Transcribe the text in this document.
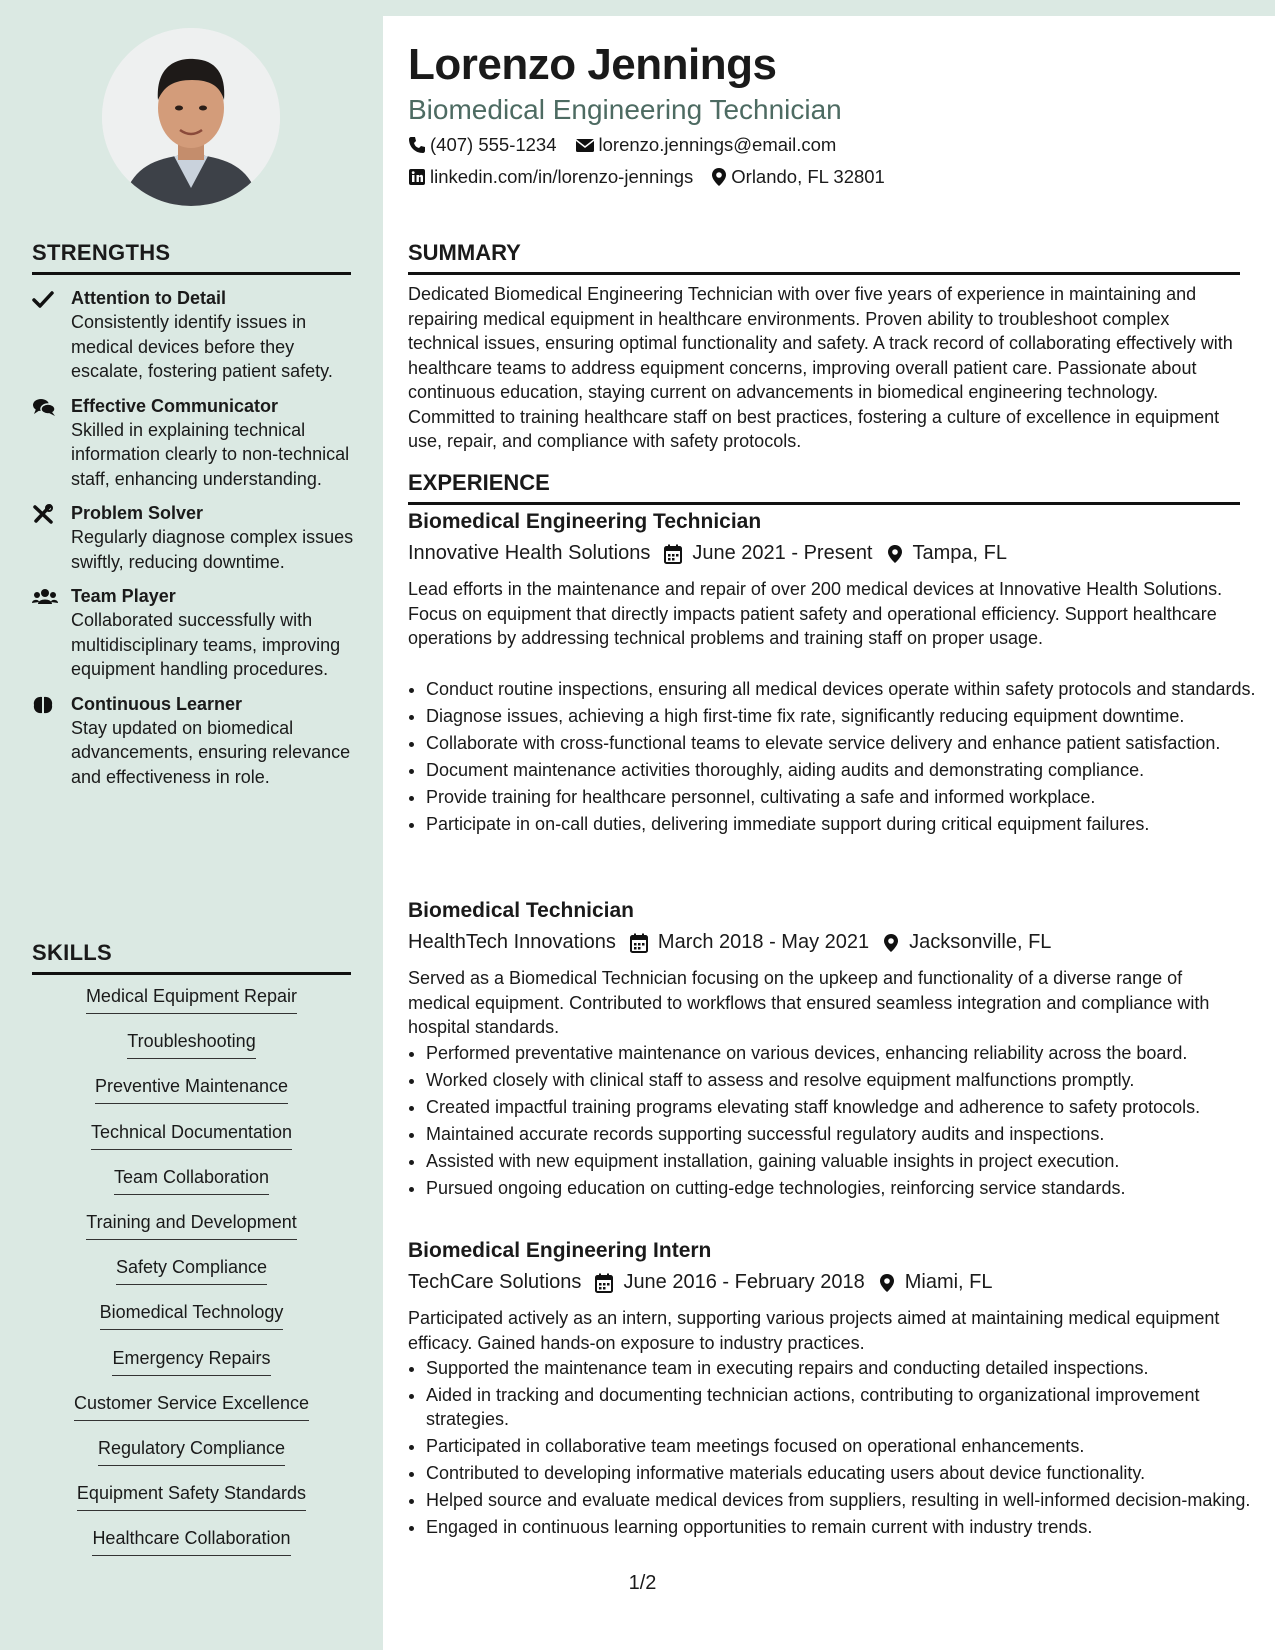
STRENGTHS
Attention to Detail
Consistently identify issues in medical devices before they escalate, fostering patient safety.
Effective Communicator
Skilled in explaining technical information clearly to non-technical staff, enhancing understanding.
Problem Solver
Regularly diagnose complex issues swiftly, reducing downtime.
Team Player
Collaborated successfully with multidisciplinary teams, improving equipment handling procedures.
Continuous Learner
Stay updated on biomedical advancements, ensuring relevance and effectiveness in role.
SKILLS
Medical Equipment Repair
Troubleshooting
Preventive Maintenance
Technical Documentation
Team Collaboration
Training and Development
Safety Compliance
Biomedical Technology
Emergency Repairs
Customer Service Excellence
Regulatory Compliance
Equipment Safety Standards
Healthcare Collaboration
Lorenzo Jennings
Biomedical Engineering Technician
(407) 555-1234 lorenzo.jennings@email.com
linkedin.com/in/lorenzo-jennings Orlando, FL 32801
SUMMARY
Dedicated Biomedical Engineering Technician with over five years of experience in maintaining and repairing medical equipment in healthcare environments. Proven ability to troubleshoot complex technical issues, ensuring optimal functionality and safety. A track record of collaborating effectively with healthcare teams to address equipment concerns, improving overall patient care. Passionate about continuous education, staying current on advancements in biomedical engineering technology. Committed to training healthcare staff on best practices, fostering a culture of excellence in equipment use, repair, and compliance with safety protocols.
EXPERIENCE
Biomedical Engineering Technician
Innovative Health Solutions June 2021 - Present Tampa, FL
Lead efforts in the maintenance and repair of over 200 medical devices at Innovative Health Solutions. Focus on equipment that directly impacts patient safety and operational efficiency. Support healthcare operations by addressing technical problems and training staff on proper usage.
• Conduct routine inspections, ensuring all medical devices operate within safety protocols and standards.
• Diagnose issues, achieving a high first-time fix rate, significantly reducing equipment downtime.
• Collaborate with cross-functional teams to elevate service delivery and enhance patient satisfaction.
• Document maintenance activities thoroughly, aiding audits and demonstrating compliance.
• Provide training for healthcare personnel, cultivating a safe and informed workplace.
• Participate in on-call duties, delivering immediate support during critical equipment failures.
Biomedical Technician
HealthTech Innovations March 2018 - May 2021 Jacksonville, FL
Served as a Biomedical Technician focusing on the upkeep and functionality of a diverse range of medical equipment. Contributed to workflows that ensured seamless integration and compliance with hospital standards.
• Performed preventative maintenance on various devices, enhancing reliability across the board.
• Worked closely with clinical staff to assess and resolve equipment malfunctions promptly.
• Created impactful training programs elevating staff knowledge and adherence to safety protocols.
• Maintained accurate records supporting successful regulatory audits and inspections.
• Assisted with new equipment installation, gaining valuable insights in project execution.
• Pursued ongoing education on cutting-edge technologies, reinforcing service standards.
Biomedical Engineering Intern
TechCare Solutions June 2016 - February 2018 Miami, FL
Participated actively as an intern, supporting various projects aimed at maintaining medical equipment efficacy. Gained hands-on exposure to industry practices.
• Supported the maintenance team in executing repairs and conducting detailed inspections.
• Aided in tracking and documenting technician actions, contributing to organizational improvement strategies.
• Participated in collaborative team meetings focused on operational enhancements.
• Contributed to developing informative materials educating users about device functionality.
• Helped source and evaluate medical devices from suppliers, resulting in well-informed decision-making.
• Engaged in continuous learning opportunities to remain current with industry trends.
1/2
